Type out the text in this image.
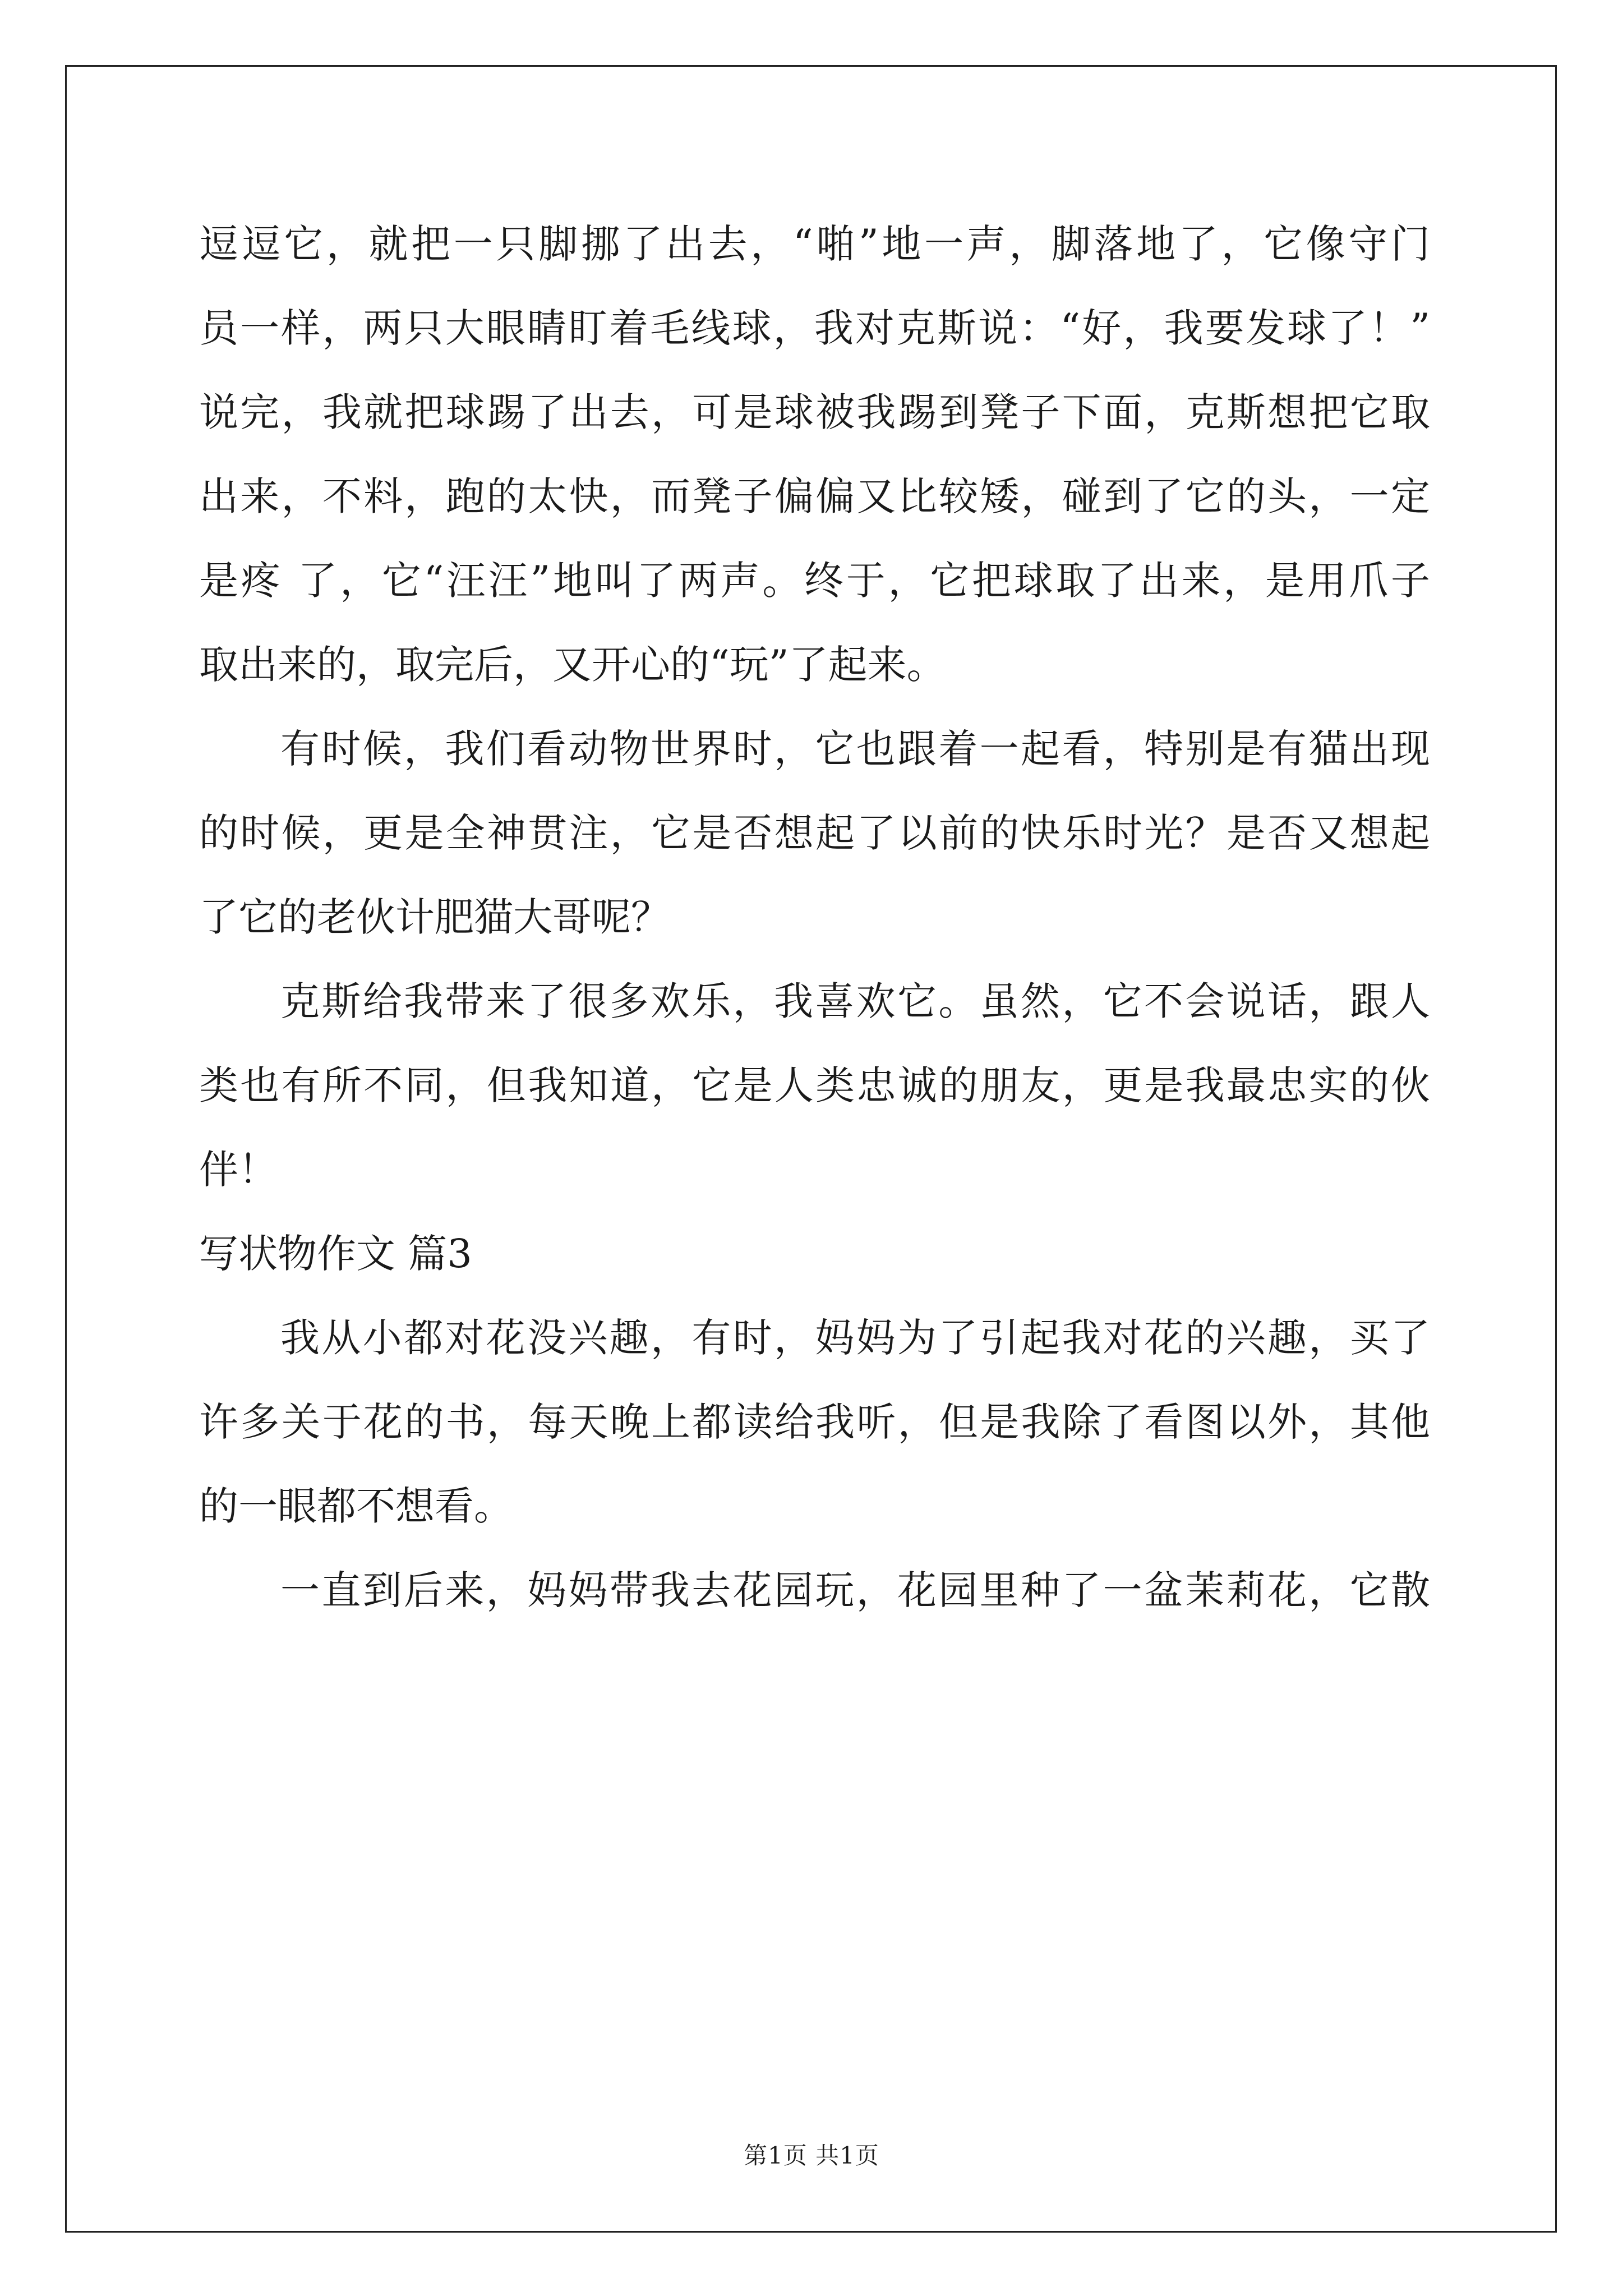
逗逗它，就把一只脚挪了出去，“啪”地一声，脚落地了，它像守门
员一样，两只大眼睛盯着毛线球，我对克斯说：“好，我要发球了！”
说完，我就把球踢了出去，可是球被我踢到凳子下面，克斯想把它取
出来，不料，跑的太快，而凳子偏偏又比较矮，碰到了它的头，一定
是疼 了，它“汪汪”地叫了两声。终于，它把球取了出来，是用爪子
取出来的，取完后，又开心的“玩”了起来。
有时候，我们看动物世界时，它也跟着一起看，特别是有猫出现
的时候，更是全神贯注，它是否想起了以前的快乐时光？是否又想起
了它的老伙计肥猫大哥呢？
克斯给我带来了很多欢乐，我喜欢它。虽然，它不会说话，跟人
类也有所不同，但我知道，它是人类忠诚的朋友，更是我最忠实的伙
伴！
写状物作文 篇3
我从小都对花没兴趣，有时，妈妈为了引起我对花的兴趣，买了
许多关于花的书，每天晚上都读给我听，但是我除了看图以外，其他
的一眼都不想看。
一直到后来，妈妈带我去花园玩，花园里种了一盆茉莉花，它散
第1页 共1页
